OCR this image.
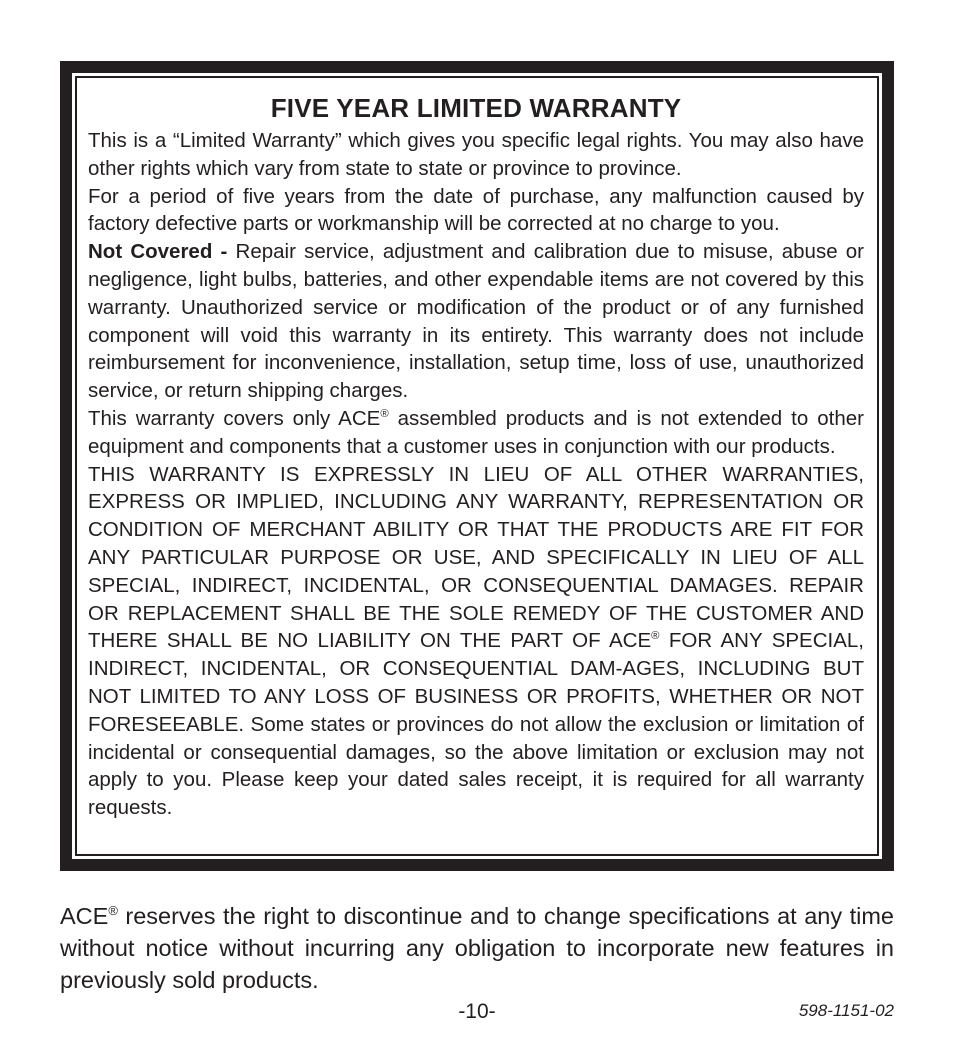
FIVE YEAR LIMITED WARRANTY

This is a “Limited Warranty” which gives you specific legal rights. You may also have other rights which vary from state to state or province to province.

For a period of five years from the date of purchase, any malfunction caused by factory defective parts or workmanship will be corrected at no charge to you.

Not Covered - Repair service, adjustment and calibration due to misuse, abuse or negligence, light bulbs, batteries, and other expendable items are not covered by this warranty. Unauthorized service or modification of the product or of any furnished component will void this warranty in its entirety. This warranty does not include reimbursement for inconvenience, installation, setup time, loss of use, unauthorized service, or return shipping charges.

This warranty covers only ACE® assembled products and is not extended to other equipment and components that a customer uses in conjunction with our products.

THIS WARRANTY IS EXPRESSLY IN LIEU OF ALL OTHER WARRANTIES, EXPRESS OR IMPLIED, INCLUDING ANY WARRANTY, REPRESENTATION OR CONDITION OF MERCHANT ABILITY OR THAT THE PRODUCTS ARE FIT FOR ANY PARTICULAR PURPOSE OR USE, AND SPECIFICALLY IN LIEU OF ALL SPECIAL, INDIRECT, INCIDENTAL, OR CONSEQUENTIAL DAMAGES. REPAIR OR REPLACEMENT SHALL BE THE SOLE REMEDY OF THE CUSTOMER AND THERE SHALL BE NO LIABILITY ON THE PART OF ACE® FOR ANY SPECIAL, INDIRECT, INCIDENTAL, OR CONSEQUENTIAL DAM-AGES, INCLUDING BUT NOT LIMITED TO ANY LOSS OF BUSINESS OR PROFITS, WHETHER OR NOT FORESEEABLE. Some states or provinces do not allow the exclusion or limitation of incidental or consequential damages, so the above limitation or exclusion may not apply to you. Please keep your dated sales receipt, it is required for all warranty requests.

ACE® reserves the right to discontinue and to change specifications at any time without notice without incurring any obligation to incorporate new features in previously sold products.

-10-	598-1151-02
